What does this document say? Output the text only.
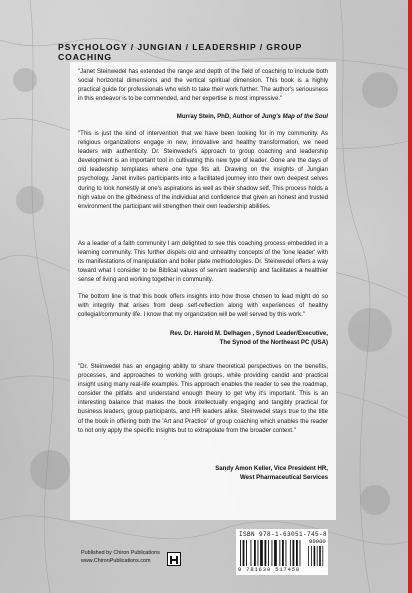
PSYCHOLOGY / JUNGIAN / LEADERSHIP / GROUP COACHING
"Janet Steinwedel has extended the range and depth of the field of coaching to include both social horizontal dimensions and the vertical spiritual dimension. This book is a highly practical guide for professionals who wish to take their work further. The author's seriousness in this endeavor is to be commended, and her expertise is most impressive."
Murray Stein, PhD, Author of Jung's Map of the Soul
"This is just the kind of intervention that we have been looking for in my community. As religious organizations engage in new, innovative and healthy transformation, we need leaders with authenticity. Dr. Steinwedel's approach to group coaching and leadership development is an important tool in cultivating this new type of leader. Gone are the days of old leadership templates where one type fits all. Drawing on the insights of Jungian psychology, Janet invites participants into a facilitated journey into their own deepest selves during to look honestly at one's aspirations as well as their shadow self. This process holds a high value on the giftedness of the individual and confidence that given an honest and trusted environment the participant will strengthen their own leadership abilities.
As a leader of a faith community I am delighted to see this coaching process embedded in a learning community. This further dispels old and unhealthy concepts of the 'lone leader' with its manifestations of manipulation and boiler plate methodologies. Dr. Steinwedel offers a way toward what I consider to be Biblical values of servant leadership and facilitates a healthier sense of living and working together in community.
The bottom line is that this book offers insights into how those chosen to lead might do so with integrity that arises from deep self-reflection along with experiences of healthy collegial/community life. I know that my organization will be well served by this work."
Rev. Dr. Harold M. Delhagen , Synod Leader/Executive,
The Synod of the Northeast PC (USA)
"Dr. Steinwedel has an engaging ability to share theoretical perspectives on the benefits, processes, and approaches to working with groups, while providing candid and practical insight using many real-life examples. This approach enables the reader to see the roadmap, consider the pitfalls and understand enough theory to get why it's important. This is an interesting balance that makes the book intellectually engaging and tangibly practical for business leaders, group participants, and HR leaders alike. Steinwedel stays true to the title of the book in offering both the 'Art and Practice' of group coaching which enables the reader to not only apply the specific insights but to extrapolate from the broader context."
Sandy Amon Keller, Vice President HR,
West Pharmaceutical Services
Published by Chiron Publications
www.ChironPublications.com
ISBN 978-1-63051-745-8
90000
9 781630 517458
